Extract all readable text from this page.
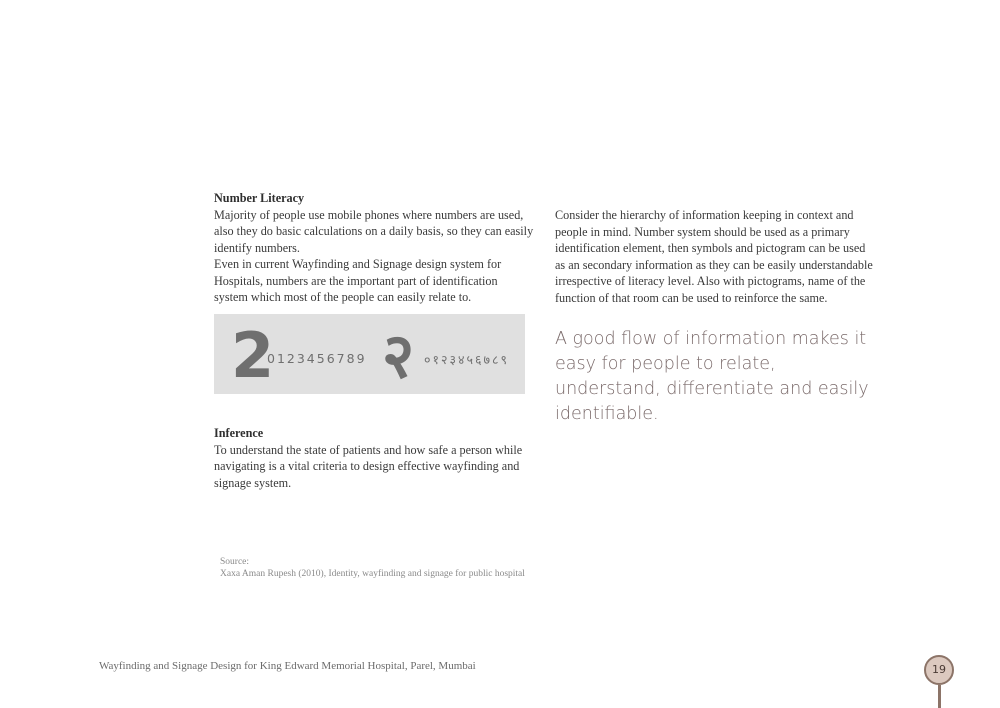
Number Literacy

Majority of people use mobile phones where numbers are used, also they do basic calculations on a daily basis, so they can easily identify numbers.

Even in current Wayfinding and Signage design system for Hospitals, numbers are the important part of identification system which most of the people can easily relate to.

2
0123456789 २ ०१२३४५६७८९

Consider the hierarchy of information keeping in context and people in mind. Number system should be used as a primary identification element, then symbols and pictogram can be used as an secondary information as they can be easily understandable irrespective of literacy level. Also with pictograms, name of the function of that room can be used to reinforce the same.

A good flow of information makes it easy for people to relate, understand, differentiate and easily identifiable.

Inference

To understand the state of patients and how safe a person while navigating is a vital criteria to design effective wayfinding and signage system.

Source:
Xaxa Aman Rupesh (2010), Identity, wayfinding and signage for public hospital
Wayfinding and Signage Design for King Edward Memorial Hospital, Parel, Mumbai	19
